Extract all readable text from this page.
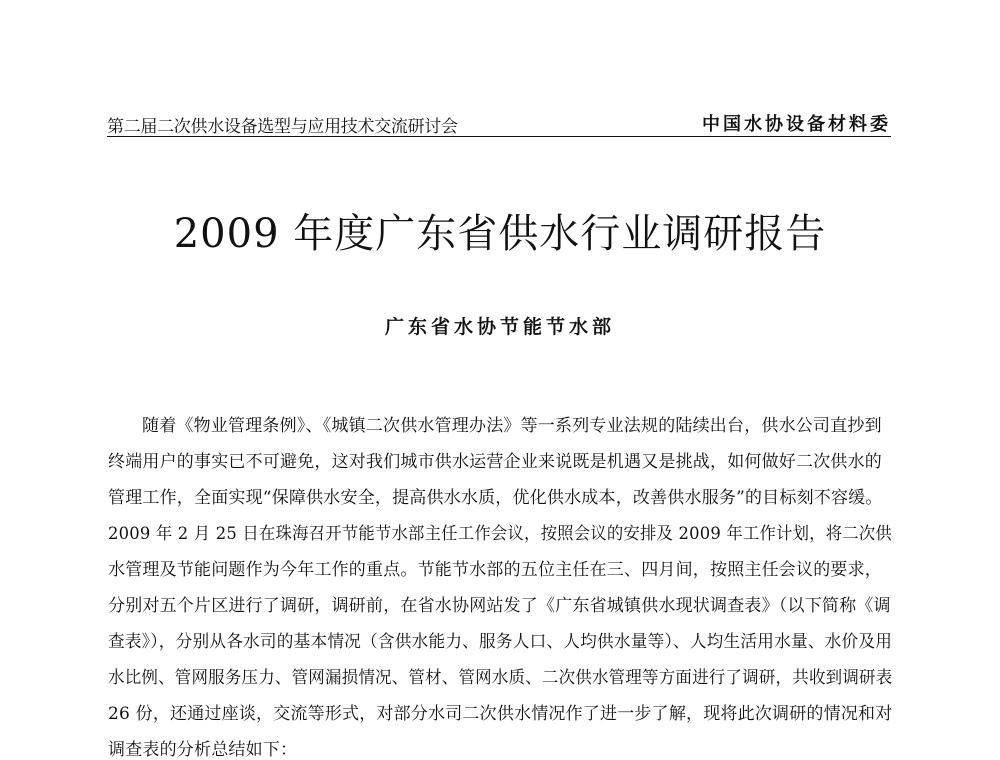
第二届二次供水设备选型与应用技术交流研讨会	中国水协设备材料委
2009 年度广东省供水行业调研报告
广东省水协节能节水部
随着《物业管理条例》、《城镇二次供水管理办法》等一系列专业法规的陆续出台，供水公司直抄到
终端用户的事实已不可避免，这对我们城市供水运营企业来说既是机遇又是挑战，如何做好二次供水的
管理工作，全面实现“保障供水安全，提高供水水质，优化供水成本，改善供水服务”的目标刻不容缓。
2009 年 2 月 25 日在珠海召开节能节水部主任工作会议，按照会议的安排及 2009 年工作计划，将二次供
水管理及节能问题作为今年工作的重点。节能节水部的五位主任在三、四月间，按照主任会议的要求，
分别对五个片区进行了调研，调研前，在省水协网站发了《广东省城镇供水现状调查表》（以下简称《调
查表》），分别从各水司的基本情况（含供水能力、服务人口、人均供水量等）、人均生活用水量、水价及用
水比例、管网服务压力、管网漏损情况、管材、管网水质、二次供水管理等方面进行了调研，共收到调研表
26 份，还通过座谈，交流等形式，对部分水司二次供水情况作了进一步了解，现将此次调研的情况和对
调查表的分析总结如下：
